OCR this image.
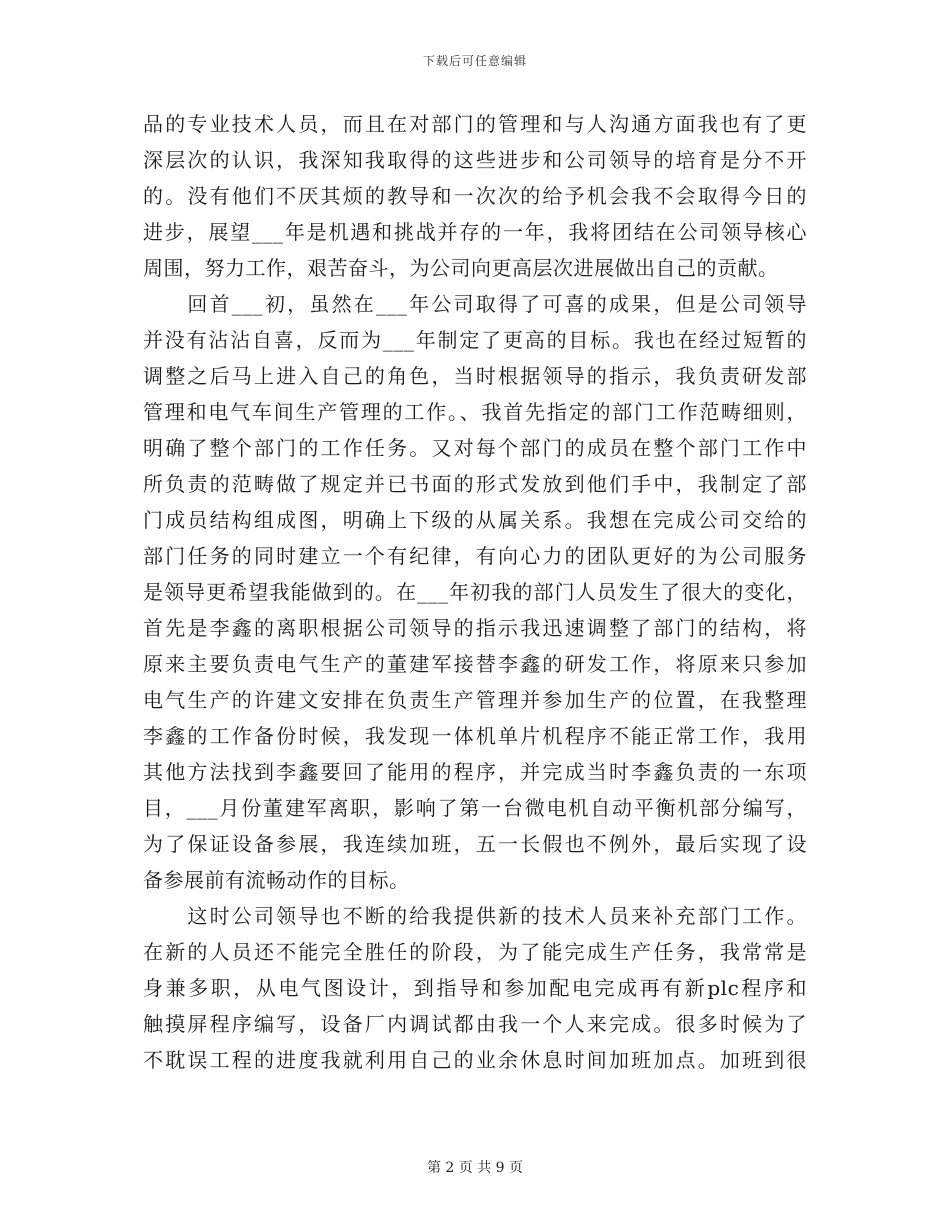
下载后可任意编辑
品的专业技术人员，而且在对部门的管理和与人沟通方面我也有了更
深层次的认识，我深知我取得的这些进步和公司领导的培育是分不开
的。没有他们不厌其烦的教导和一次次的给予机会我不会取得今日的
进步，展望___年是机遇和挑战并存的一年，我将团结在公司领导核心
周围，努力工作，艰苦奋斗，为公司向更高层次进展做出自己的贡献。
　　回首___初，虽然在___年公司取得了可喜的成果，但是公司领导
并没有沾沾自喜，反而为___年制定了更高的目标。我也在经过短暂的
调整之后马上进入自己的角色，当时根据领导的指示，我负责研发部
管理和电气车间生产管理的工作。、我首先指定的部门工作范畴细则，
明确了整个部门的工作任务。又对每个部门的成员在整个部门工作中
所负责的范畴做了规定并已书面的形式发放到他们手中，我制定了部
门成员结构组成图，明确上下级的从属关系。我想在完成公司交给的
部门任务的同时建立一个有纪律，有向心力的团队更好的为公司服务
是领导更希望我能做到的。在___年初我的部门人员发生了很大的变化，
首先是李鑫的离职根据公司领导的指示我迅速调整了部门的结构，将
原来主要负责电气生产的董建军接替李鑫的研发工作，将原来只参加
电气生产的许建文安排在负责生产管理并参加生产的位置，在我整理
李鑫的工作备份时候，我发现一体机单片机程序不能正常工作，我用
其他方法找到李鑫要回了能用的程序，并完成当时李鑫负责的一东项
目，___月份董建军离职，影响了第一台微电机自动平衡机部分编写，
为了保证设备参展，我连续加班，五一长假也不例外，最后实现了设
备参展前有流畅动作的目标。
　　这时公司领导也不断的给我提供新的技术人员来补充部门工作。
在新的人员还不能完全胜任的阶段，为了能完成生产任务，我常常是
身兼多职，从电气图设计，到指导和参加配电完成再有新plc程序和
触摸屏程序编写，设备厂内调试都由我一个人来完成。很多时候为了
不耽误工程的进度我就利用自己的业余休息时间加班加点。加班到很
第 2 页 共 9 页
